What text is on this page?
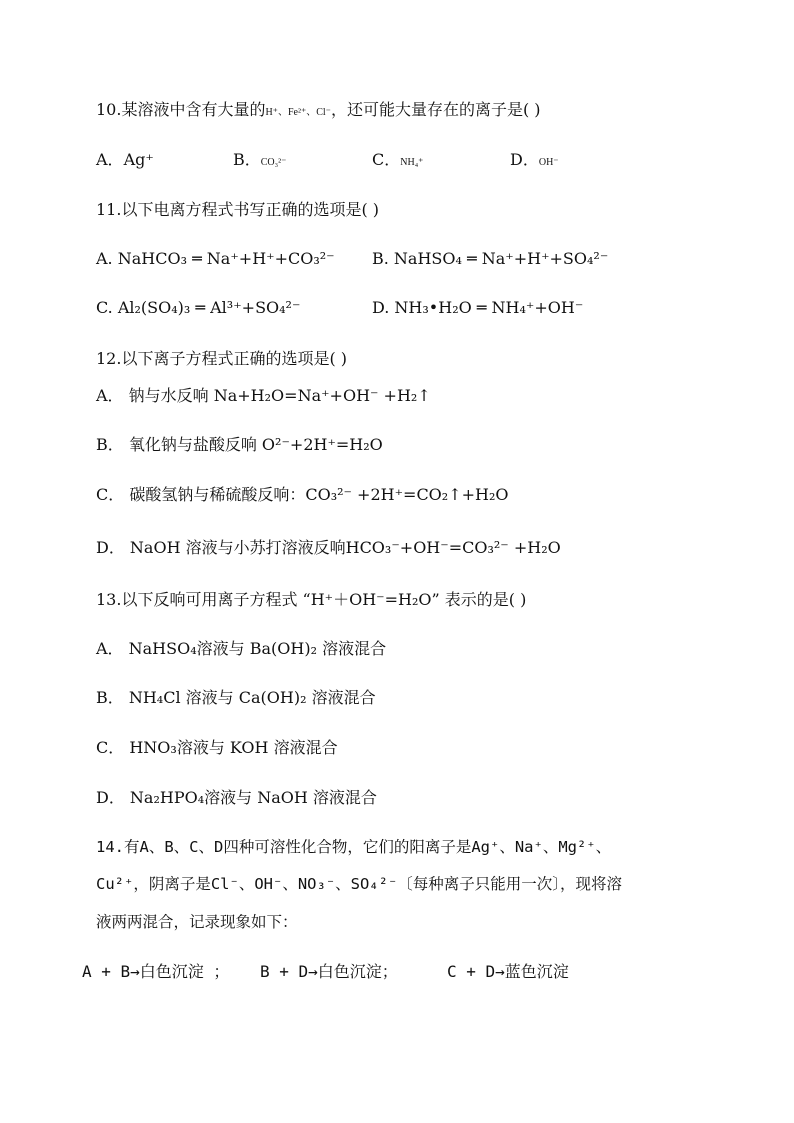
10.某溶液中含有大量的H⁺、Fe²⁺、Cl⁻，还可能大量存在的离子是( )
A．Ag⁺	B．CO₃²⁻	C．NH₄⁺	D．OH⁻
11.以下电离方程式书写正确的选项是( )
A. NaHCO₃ ═ Na⁺+H⁺+CO₃²⁻ B. NaHSO₄ ═ Na⁺+H⁺+SO₄²⁻
C. Al₂(SO₄)₃ ═ Al³⁺+SO₄²⁻	D. NH₃•H₂O ═ NH₄⁺+OH⁻
12.以下离子方程式正确的选项是( )
A． 钠与水反响 Na+H₂O=Na⁺+OH⁻ +H₂↑
B． 氧化钠与盐酸反响 O²⁻+2H⁺=H₂O
C． 碳酸氢钠与稀硫酸反响：CO₃²⁻ +2H⁺=CO₂↑+H₂O
D． NaOH 溶液与小苏打溶液反响HCO₃⁻+OH⁻=CO₃²⁻ +H₂O
13.以下反响可用离子方程式 “H⁺＋OH⁻=H₂O” 表示的是( )
A． NaHSO₄溶液与 Ba(OH)₂ 溶液混合
B． NH₄Cl 溶液与 Ca(OH)₂ 溶液混合
C． HNO₃溶液与 KOH 溶液混合
D． Na₂HPO₄溶液与 NaOH 溶液混合
14.有A、B、C、D四种可溶性化合物，它们的阳离子是Ag⁺、Na⁺、Mg²⁺、
Cu²⁺，阴离子是Cl⁻、OH⁻、NO₃⁻、SO₄²⁻〔每种离子只能用一次〕，现将溶
液两两混合，记录现象如下：
A + B→白色沉淀 ； B + D→白色沉淀；	C + D→蓝色沉淀
